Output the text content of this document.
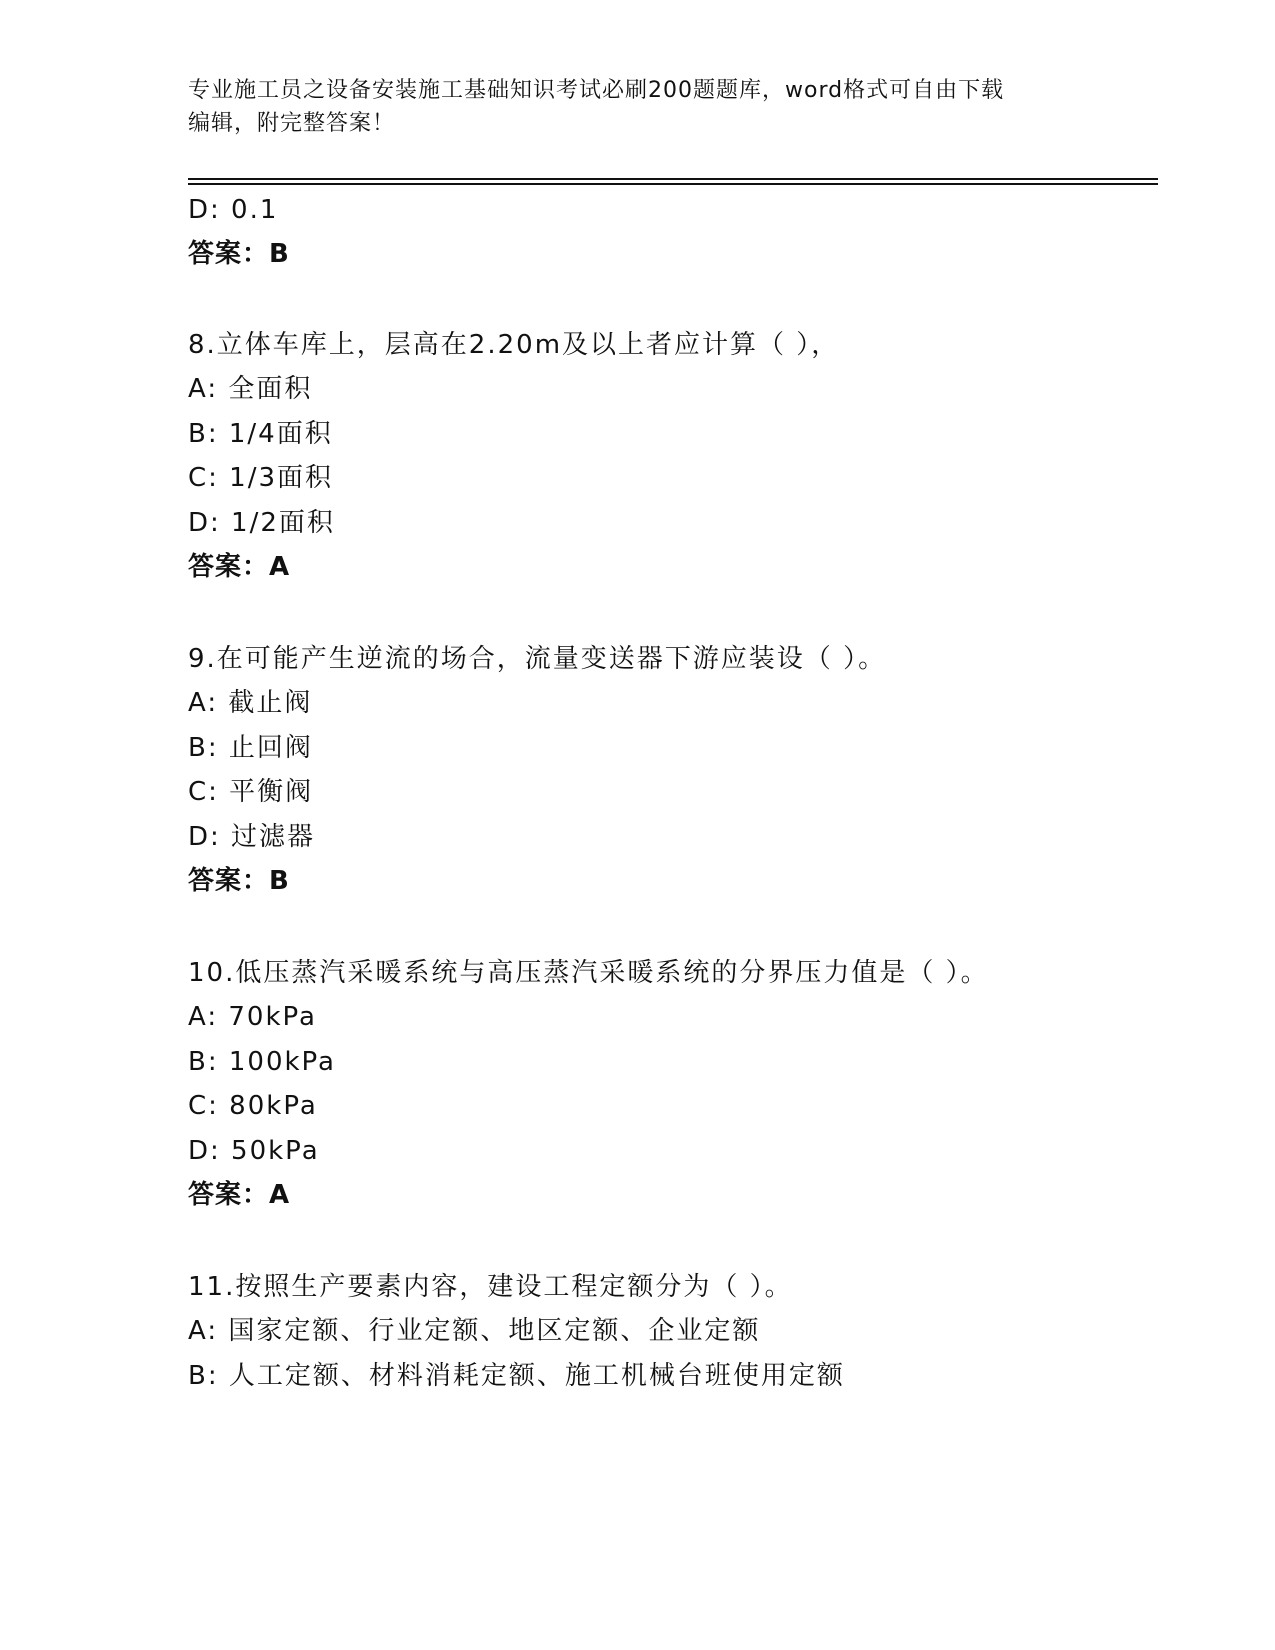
专业施工员之设备安装施工基础知识考试必刷200题题库，word格式可自由下载
编辑，附完整答案！
D: 0.1
答案：B
8.立体车库上，层高在2.20m及以上者应计算（ ），
A: 全面积
B: 1/4面积
C: 1/3面积
D: 1/2面积
答案：A
9.在可能产生逆流的场合，流量变送器下游应装设（ ）。
A: 截止阀
B: 止回阀
C: 平衡阀
D: 过滤器
答案：B
10.低压蒸汽采暖系统与高压蒸汽采暖系统的分界压力值是（ ）。
A: 70kPa
B: 100kPa
C: 80kPa
D: 50kPa
答案：A
11.按照生产要素内容，建设工程定额分为（ ）。
A: 国家定额、行业定额、地区定额、企业定额
B: 人工定额、材料消耗定额、施工机械台班使用定额
